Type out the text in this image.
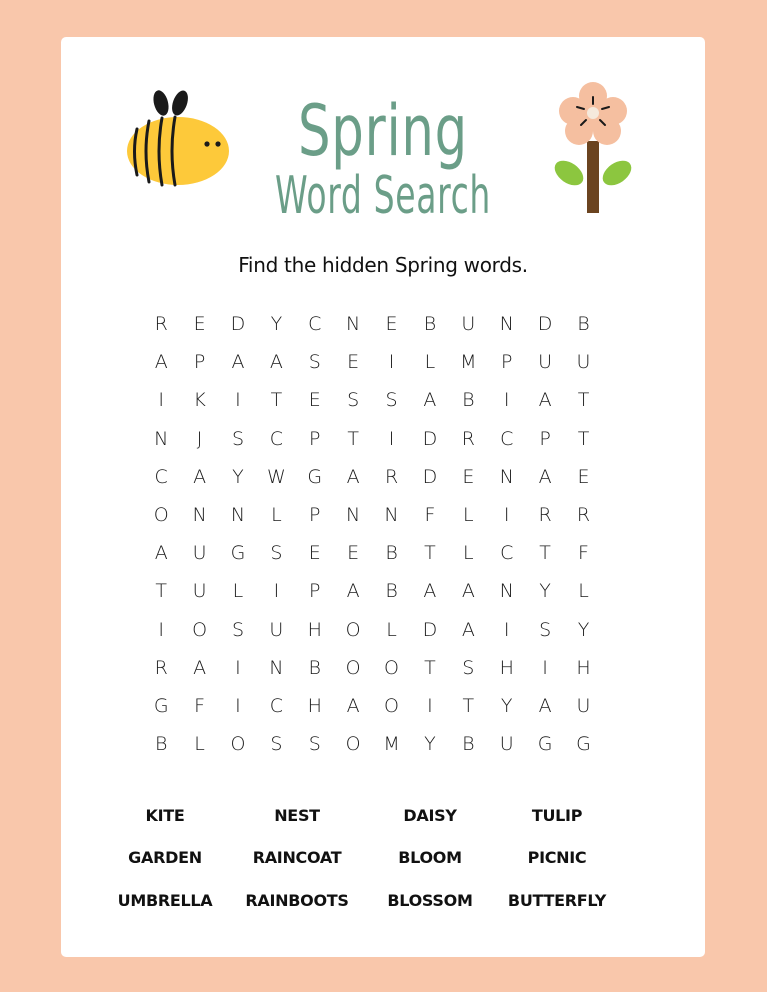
Spring
Word Search
Find the hidden Spring words.
R	E	D	Y	C	N	E	B	U	N	D	B
A	P	A	A	S	E	I	L	M	P	U	U
I	K	I	T	E	S	S	A	B	I	A	T
N	J	S	C	P	T	I	D	R	C	P	T
C	A	Y	W	G	A	R	D	E	N	A	E
O	N	N	L	P	N	N	F	L	I	R	R
A	U	G	S	E	E	B	T	L	C	T	F
T	U	L	I	P	A	B	A	A	N	Y	L
I	O	S	U	H	O	L	D	A	I	S	Y
R	A	I	N	B	O	O	T	S	H	I	H
G	F	I	C	H	A	O	I	T	Y	A	U
B	L	O	S	S	O	M	Y	B	U	G	G
KITE	NEST	DAISY	TULIP
GARDEN	RAINCOAT	BLOOM	PICNIC
UMBRELLA	RAINBOOTS	BLOSSOM	BUTTERFLY
